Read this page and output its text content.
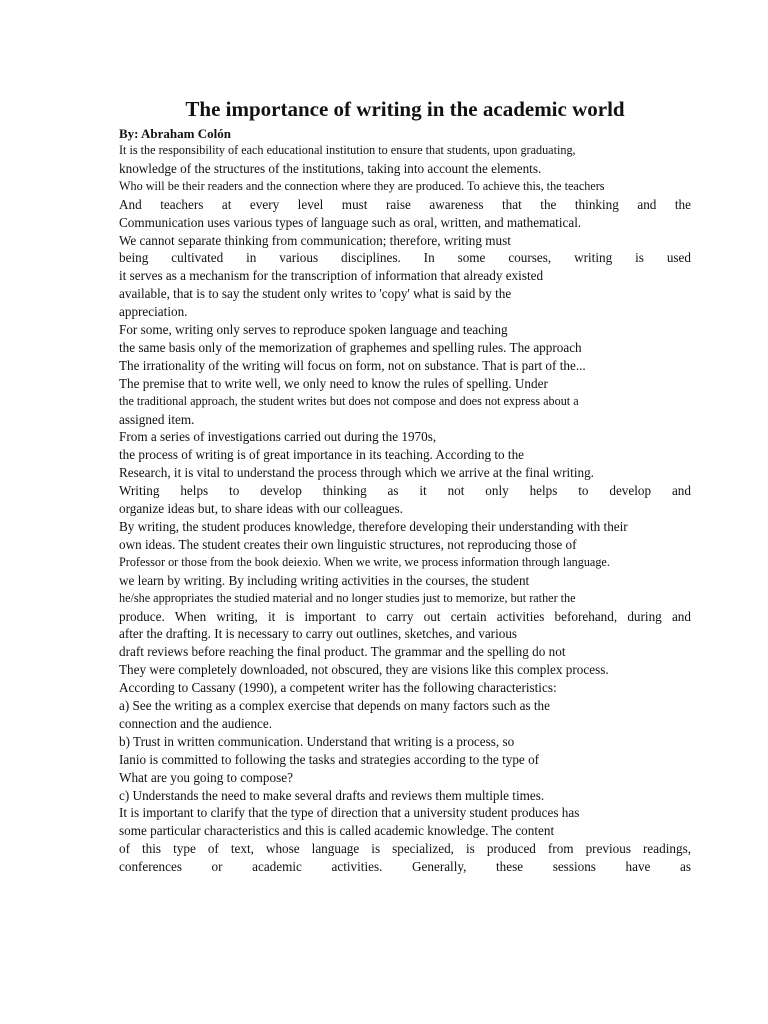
The importance of writing in the academic world

By: Abraham Colón

It is the responsibility of each educational institution to ensure that students, upon graduating,
knowledge of the structures of the institutions, taking into account the elements.
Who will be their readers and the connection where they are produced. To achieve this, the teachers
And teachers at every level must raise awareness that the thinking and the
Communication uses various types of language such as oral, written, and mathematical.
We cannot separate thinking from communication; therefore, writing must
being cultivated in various disciplines. In some courses, writing is used
it serves as a mechanism for the transcription of information that already existed
available, that is to say the student only writes to 'copy' what is said by the
appreciation.
For some, writing only serves to reproduce spoken language and teaching
the same basis only of the memorization of graphemes and spelling rules. The approach
The irrationality of the writing will focus on form, not on substance. That is part of the...
The premise that to write well, we only need to know the rules of spelling. Under
the traditional approach, the student writes but does not compose and does not express about a
assigned item.
From a series of investigations carried out during the 1970s,
the process of writing is of great importance in its teaching. According to the
Research, it is vital to understand the process through which we arrive at the final writing.
Writing helps to develop thinking as it not only helps to develop and
organize ideas but, to share ideas with our colleagues.
By writing, the student produces knowledge, therefore developing their understanding with their
own ideas. The student creates their own linguistic structures, not reproducing those of
Professor or those from the book deiexio. When we write, we process information through language.
we learn by writing. By including writing activities in the courses, the student
he/she appropriates the studied material and no longer studies just to memorize, but rather the
produce. When writing, it is important to carry out certain activities beforehand, during and
after the drafting. It is necessary to carry out outlines, sketches, and various
draft reviews before reaching the final product. The grammar and the spelling do not
They were completely downloaded, not obscured, they are visions like this complex process.
According to Cassany (1990), a competent writer has the following characteristics:
a) See the writing as a complex exercise that depends on many factors such as the
connection and the audience.
b) Trust in written communication. Understand that writing is a process, so
Ianio is committed to following the tasks and strategies according to the type of
What are you going to compose?
c) Understands the need to make several drafts and reviews them multiple times.
It is important to clarify that the type of direction that a university student produces has
some particular characteristics and this is called academic knowledge. The content
of this type of text, whose language is specialized, is produced from previous readings,
conferences or academic activities. Generally, these sessions have as
